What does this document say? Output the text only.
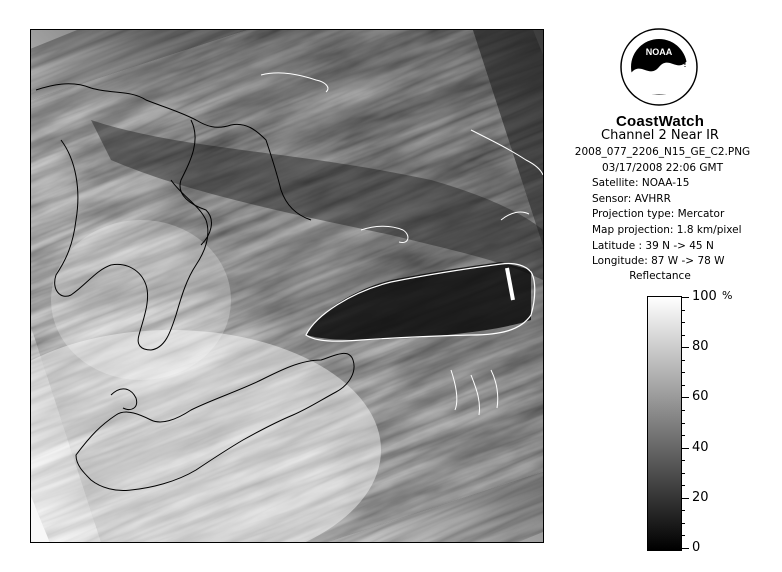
NOAA
CoastWatch
Channel 2 Near IR
2008_077_2206_N15_GE_C2.PNG
03/17/2008 22:06 GMT
Satellite: NOAA-15
Sensor: AVHRR
Projection type: Mercator
Map projection: 1.8 km/pixel
Latitude : 39 N -> 45 N
Longitude: 87 W -> 78 W
Reflectance
%
100
80
60
40
20
0
